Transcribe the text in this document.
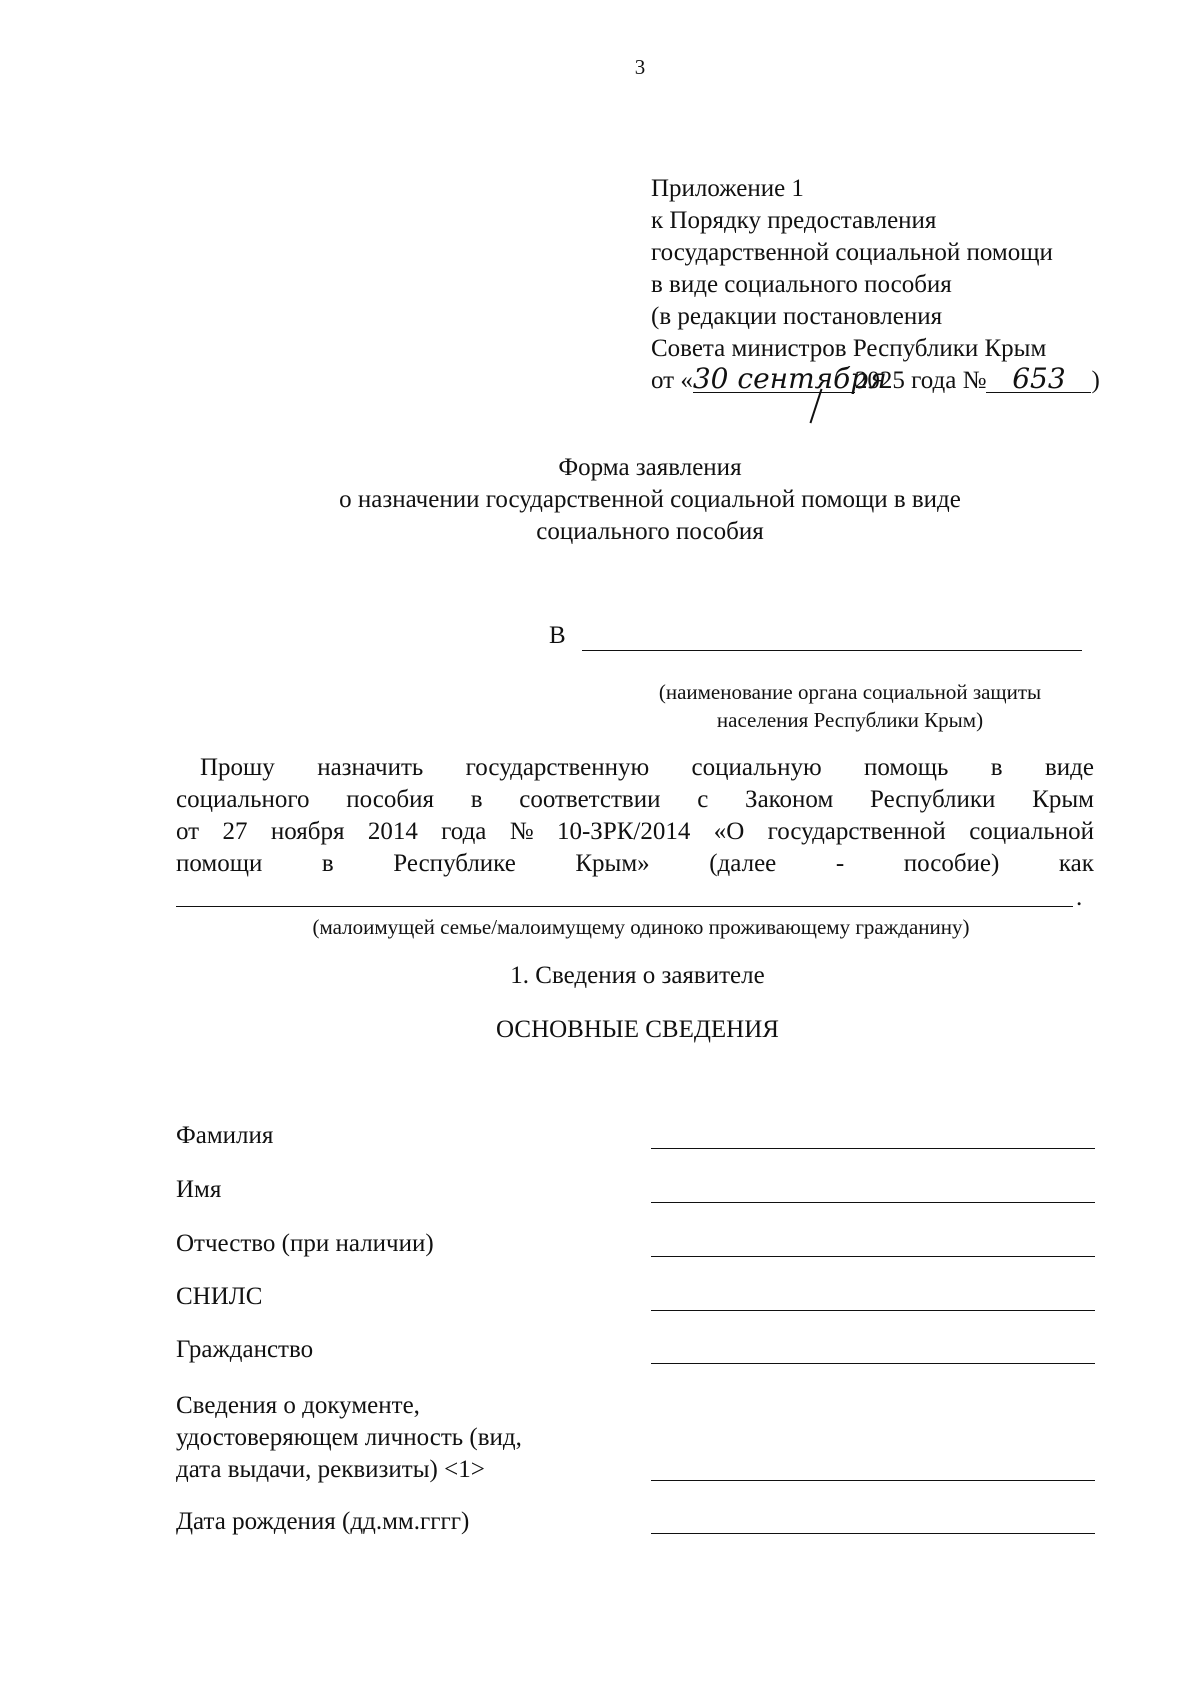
3
Приложение 1
к Порядку предоставления
государственной социальной помощи
в виде социального пособия
(в редакции постановления
Совета министров Республики Крым
от «30 сентября2025 года № 653 )
Форма заявления
о назначении государственной социальной помощи в виде
социального пособия
В
(наименование органа социальной защиты
населения Республики Крым)
Прошу назначить государственную социальную помощь в виде
социального пособия в соответствии с Законом Республики Крым
от 27 ноября 2014 года № 10-ЗРК/2014 «О государственной социальной
помощи в Республике Крым» (далее - пособие) как
.
(малоимущей семье/малоимущему одиноко проживающему гражданину)
1. Сведения о заявителе
ОСНОВНЫЕ СВЕДЕНИЯ
Фамилия
Имя
Отчество (при наличии)
СНИЛС
Гражданство
Сведения о документе,
удостоверяющем личность (вид,
дата выдачи, реквизиты) <1>
Дата рождения (дд.мм.гггг)
